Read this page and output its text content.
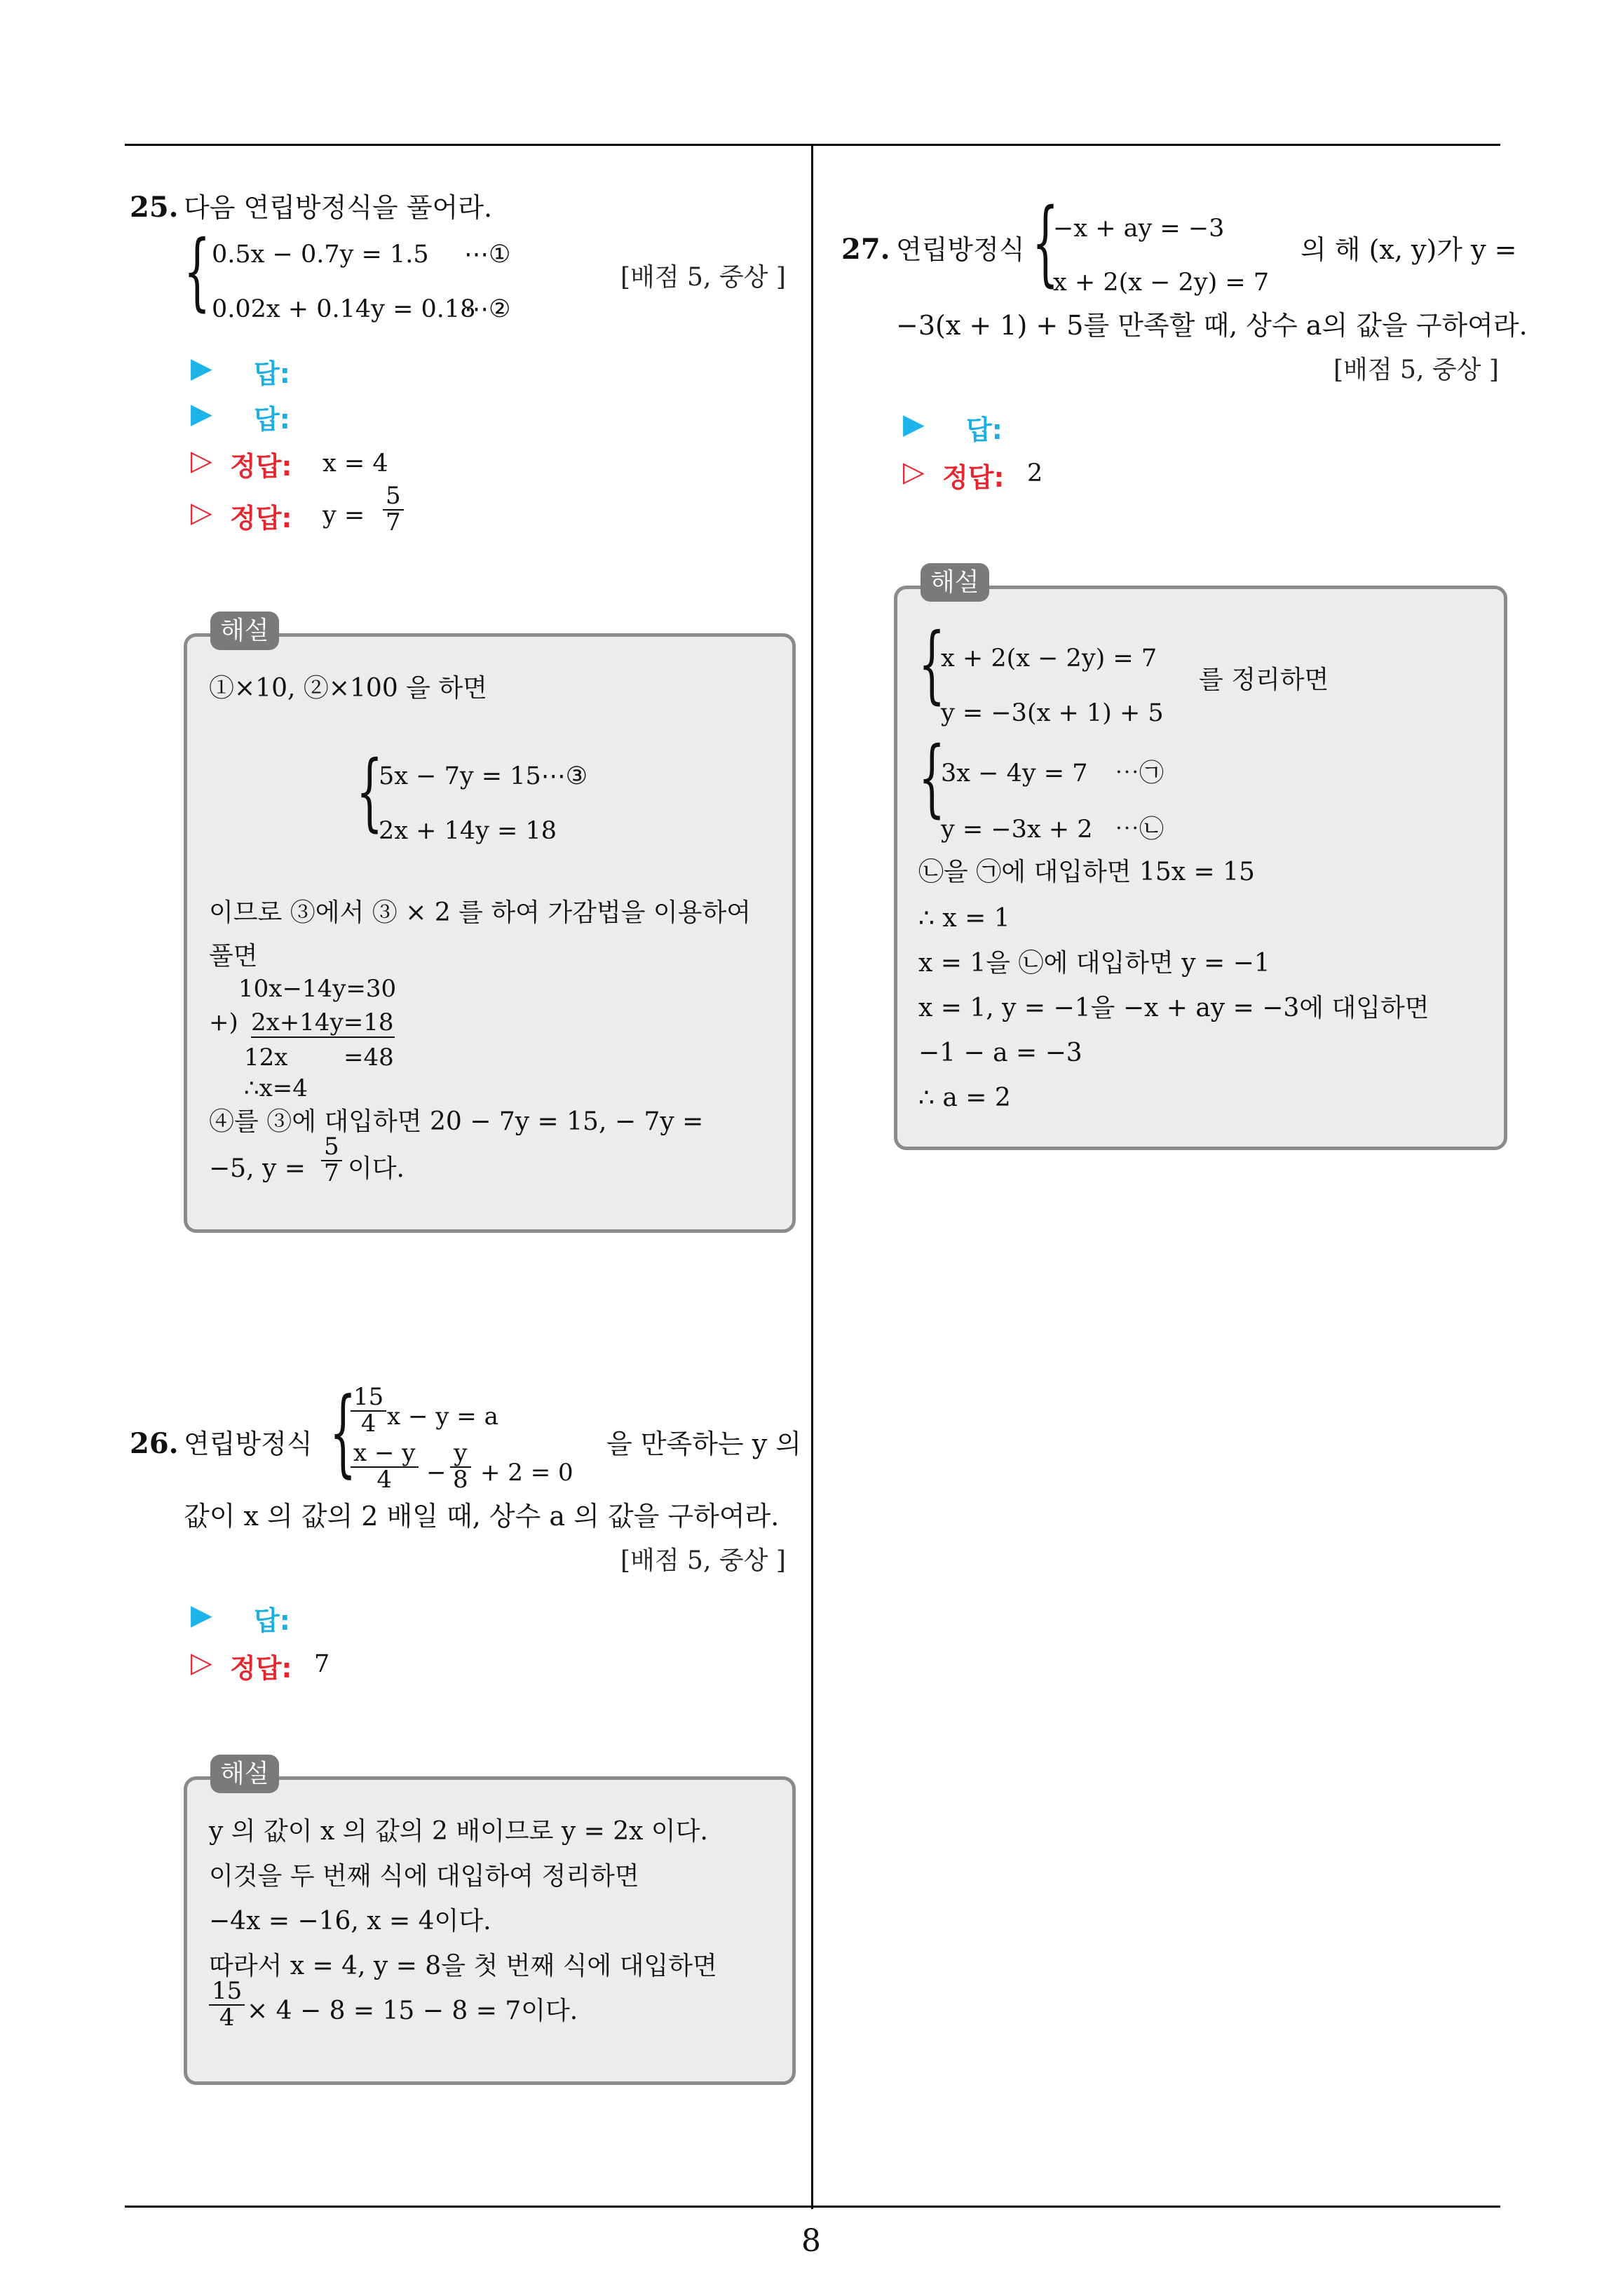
8
25. 다음 연립방정식을 풀어라.
{ 0.5x − 0.7y = 1.5 ⋯①
0.02x + 0.14y = 0.18
⋯②
[배점 5, 중상 ]
▶ 답:
▶ 답:
▷ 정답: x = 4
▷ 정답: $y = \frac{5}{7}$
해설
①×10, ②×100 을 하면
{
5x − 7y = 15⋯③
2x + 14y = 18
이므로 ③에서 ③ × 2 를 하여 가감법을 이용하여
풀면
10x−14y=30
+) 2x+14y=18
12x =48
∴x=4
④를 ③에 대입하면 20 − 7y = 15, − 7y =
−5, $y = \frac{5}{7}$ 이다.
26. 연립방정식 {
$\frac{15}{4}$ x − y = a
$\frac{x - y}{4} - \frac{y}{8} + 2 = 0$
을 만족하는 y 의
값이 x 의 값의 2 배일 때, 상수 a 의 값을 구하여라.
[배점 5, 중상 ]
▶ 답:
▷ 정답: 7
해설
y 의 값이 x 의 값의 2 배이므로 y = 2x 이다.
이것을 두 번째 식에 대입하여 정리하면
−4x = −16, x = 4이다.
따라서 x = 4, y = 8을 첫 번째 식에 대입하면
$\frac{15}{4} \times 4 - 8 = 15 - 8 = 7$이다.
27. 연립방정식 {
−x + ay = −3
x + 2(x − 2y) = 7
의 해 (x, y)가 y =
−3(x + 1) + 5를 만족할 때, 상수 a의 값을 구하여라.
[배점 5, 중상 ]
▶ 답:
▷ 정답: 2
해설
{
x + 2(x − 2y) = 7
y = −3(x + 1) + 5
를 정리하면
{
3x − 4y = 7 ⋯㉠
y = −3x + 2 ⋯㉡
㉡을 ㉠에 대입하면 15x = 15
∴ x = 1
x = 1을 ㉡에 대입하면 y = −1
x = 1, y = −1을 −x + ay = −3에 대입하면
−1 − a = −3
∴ a = 2
